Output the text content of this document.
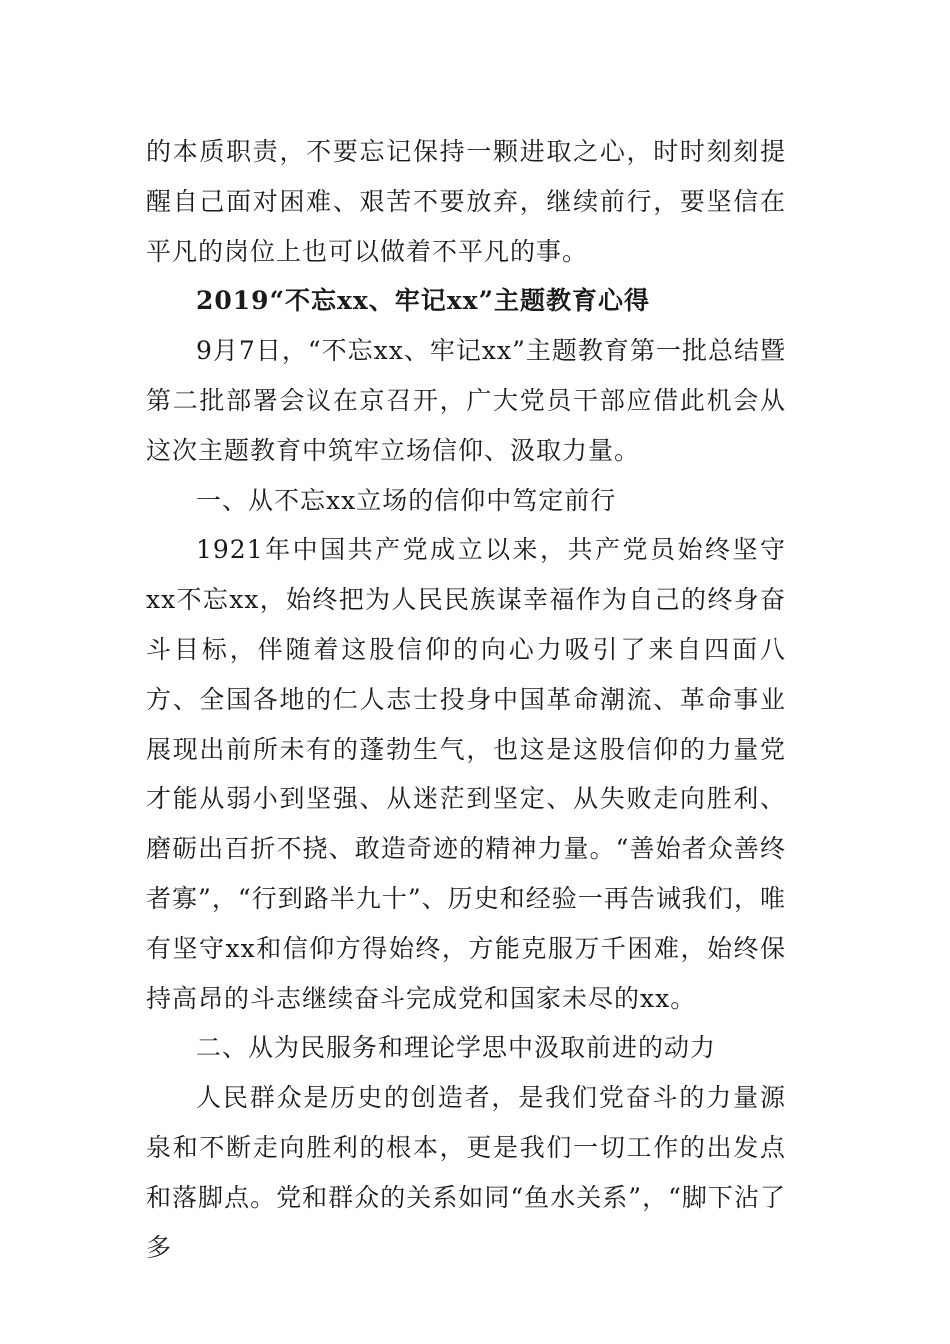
的本质职责，不要忘记保持一颗进取之心，时时刻刻提醒自己面对困难、艰苦不要放弃，继续前行，要坚信在平凡的岗位上也可以做着不平凡的事。

2019“不忘xx、牢记xx”主题教育心得

9月7日，“不忘xx、牢记xx”主题教育第一批总结暨第二批部署会议在京召开，广大党员干部应借此机会从这次主题教育中筑牢立场信仰、汲取力量。

一、从不忘xx立场的信仰中笃定前行

1921年中国共产党成立以来，共产党员始终坚守xx不忘xx，始终把为人民民族谋幸福作为自己的终身奋斗目标，伴随着这股信仰的向心力吸引了来自四面八方、全国各地的仁人志士投身中国革命潮流、革命事业展现出前所未有的蓬勃生气，也这是这股信仰的力量党才能从弱小到坚强、从迷茫到坚定、从失败走向胜利、磨砺出百折不挠、敢造奇迹的精神力量。“善始者众善终者寡”，“行到路半九十”、历史和经验一再告诫我们，唯有坚守xx和信仰方得始终，方能克服万千困难，始终保持高昂的斗志继续奋斗完成党和国家未尽的xx。

二、从为民服务和理论学思中汲取前进的动力

人民群众是历史的创造者，是我们党奋斗的力量源泉和不断走向胜利的根本，更是我们一切工作的出发点和落脚点。党和群众的关系如同“鱼水关系”，“脚下沾了多
